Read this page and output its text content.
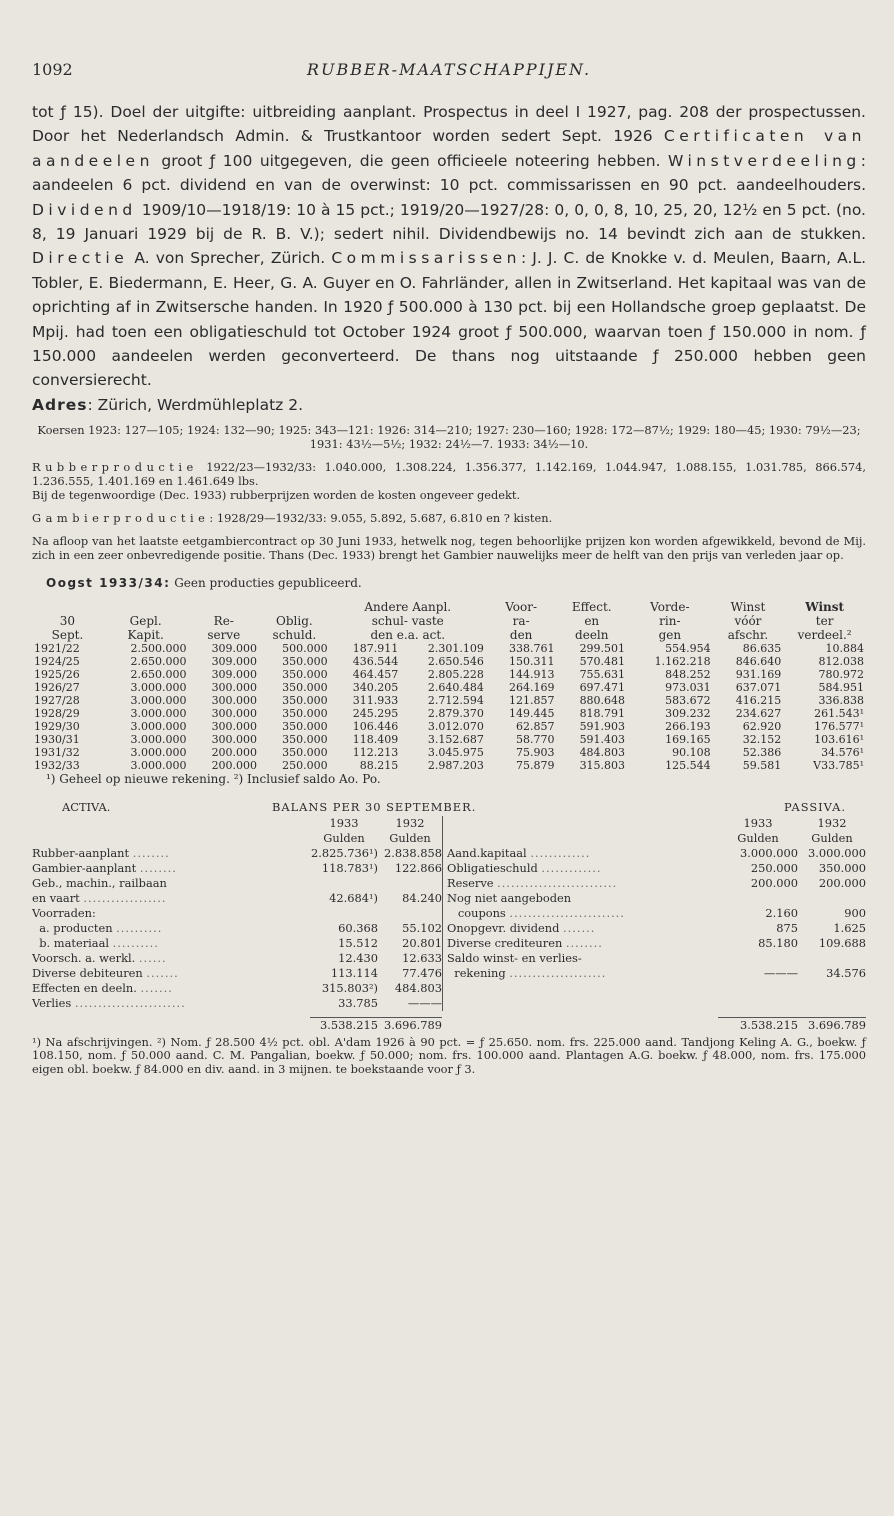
1092	RUBBER-MAATSCHAPPIJEN.

tot ƒ 15). Doel der uitgifte: uitbreiding aanplant. Prospectus in deel I 1927, pag. 208 der prospectussen. Door het Nederlandsch Admin. & Trustkantoor worden sedert Sept. 1926 Certificaten van aandeelen groot ƒ 100 uitgegeven, die geen officieele noteering hebben. Winstverdeeling: aandeelen 6 pct. dividend en van de overwinst: 10 pct. commissarissen en 90 pct. aandeelhouders. Dividend 1909/10—1918/19: 10 à 15 pct.; 1919/20—1927/28: 0, 0, 0, 8, 10, 25, 20, 12½ en 5 pct. (no. 8, 19 Januari 1929 bij de R. B. V.); sedert nihil. Dividendbewijs no. 14 bevindt zich aan de stukken. Directie A. von Sprecher, Zürich. Commissarissen: J. J. C. de Knokke v. d. Meulen, Baarn, A.L. Tobler, E. Biedermann, E. Heer, G. A. Guyer en O. Fahrländer, allen in Zwitserland. Het kapitaal was van de oprichting af in Zwitsersche handen. In 1920 ƒ 500.000 à 130 pct. bij een Hollandsche groep geplaatst. De Mpij. had toen een obligatieschuld tot October 1924 groot ƒ 500.000, waarvan toen ƒ 150.000 in nom. ƒ 150.000 aandeelen werden geconverteerd. De thans nog uitstaande ƒ 250.000 hebben geen conversierecht.

Adres: Zürich, Werdmühleplatz 2.

Koersen 1923: 127—105; 1924: 132—90; 1925: 343—121: 1926: 314—210; 1927: 230—160; 1928: 172—87½; 1929: 180—45; 1930: 79½—23; 1931: 43½—5½; 1932: 24½—7. 1933: 34½—10.

Rubberproductie 1922/23—1932/33: 1.040.000, 1.308.224, 1.356.377, 1.142.169, 1.044.947, 1.088.155, 1.031.785, 866.574, 1.236.555, 1.401.169 en 1.461.649 lbs.

Bij de tegenwoordige (Dec. 1933) rubberprijzen worden de kosten ongeveer gedekt.

Gambierproductie: 1928/29—1932/33: 9.055, 5.892, 5.687, 6.810 en ? kisten.

Na afloop van het laatste eetgambiercontract op 30 Juni 1933, hetwelk nog, tegen behoorlijke prijzen kon worden afgewikkeld, bevond de Mij. zich in een zeer onbevredigende positie. Thans (Dec. 1933) brengt het Gambier nauwelijks meer de helft van den prijs van verleden jaar op.

Oogst 1933/34: Geen producties gepubliceerd.

				Andere Aanpl.		Voor-	Effect.	Vorde-	Winst	Winst
30	Gepl.	Re-	Oblig.	schul- vaste		ra-	en	rin-	vóór	ter
Sept.	Kapit.	serve	schuld.	den e.a. act.		den	deeln	gen	afschr.	verdeel.²
1921/22	2.500.000	309.000	500.000	187.911	2.301.109	338.761	299.501	554.954	86.635	10.884
1924/25	2.650.000	309.000	350.000	436.544	2.650.546	150.311	570.481	1.162.218	846.640	812.038
1925/26	2.650.000	309.000	350.000	464.457	2.805.228	144.913	755.631	848.252	931.169	780.972
1926/27	3.000.000	300.000	350.000	340.205	2.640.484	264.169	697.471	973.031	637.071	584.951
1927/28	3.000.000	300.000	350.000	311.933	2.712.594	121.857	880.648	583.672	416.215	336.838
1928/29	3.000.000	300.000	350.000	245.295	2.879.370	149.445	818.791	309.232	234.627	261.543¹
1929/30	3.000.000	300.000	350.000	106.446	3.012.070	62.857	591.903	266.193	62.920	176.577¹
1930/31	3.000.000	300.000	350.000	118.409	3.152.687	58.770	591.403	169.165	32.152	103.616¹
1931/32	3.000.000	200.000	350.000	112.213	3.045.975	75.903	484.803	90.108	52.386	34.576¹
1932/33	3.000.000	200.000	250.000	88.215	2.987.203	75.879	315.803	125.544	59.581	V33.785¹

¹) Geheel op nieuwe rekening. ²) Inclusief saldo Ao. Po.

ACTIVA.	BALANS PER 30 SEPTEMBER.	PASSIVA.
1933	1932
Gulden	Gulden
Rubber-aanplant ........	2.825.736¹) 2.838.858
Gambier-aanplant ........	118.783¹)	122.866
Geb., machin., railbaan
en vaart ..................	42.684¹)	84.240
Voorraden:
a. producten ..........	60.368	55.102
b. materiaal ..........	15.512	20.801
Voorsch. a. werkl. ......	12.430	12.633
Diverse debiteuren .......	113.114	77.476
Effecten en deeln. .......	315.803²)	484.803
Verlies ........................	33.785	———
1933	1932
Gulden	Gulden
Aand.kapitaal .............	3.000.000 3.000.000
Obligatieschuld .............	250.000	350.000
Reserve ..........................	200.000	200.000
Nog niet aangeboden
coupons .........................	2.160	900
Onopgevr. dividend .......	875	1.625
Diverse crediteuren ........	85.180	109.688
Saldo winst- en verlies-
rekening .....................	———	34.576
3.538.215 3.696.789	3.538.215 3.696.789

¹) Na afschrijvingen. ²) Nom. ƒ 28.500 4½ pct. obl. A'dam 1926 à 90 pct. = ƒ 25.650. nom. frs. 225.000 aand. Tandjong Keling A. G., boekw. ƒ 108.150, nom. ƒ 50.000 aand. C. M. Pangalian, boekw. ƒ 50.000; nom. frs. 100.000 aand. Plantagen A.G. boekw. ƒ 48.000, nom. frs. 175.000 eigen obl. boekw. ƒ 84.000 en div. aand. in 3 mijnen. te boekstaande voor ƒ 3.
